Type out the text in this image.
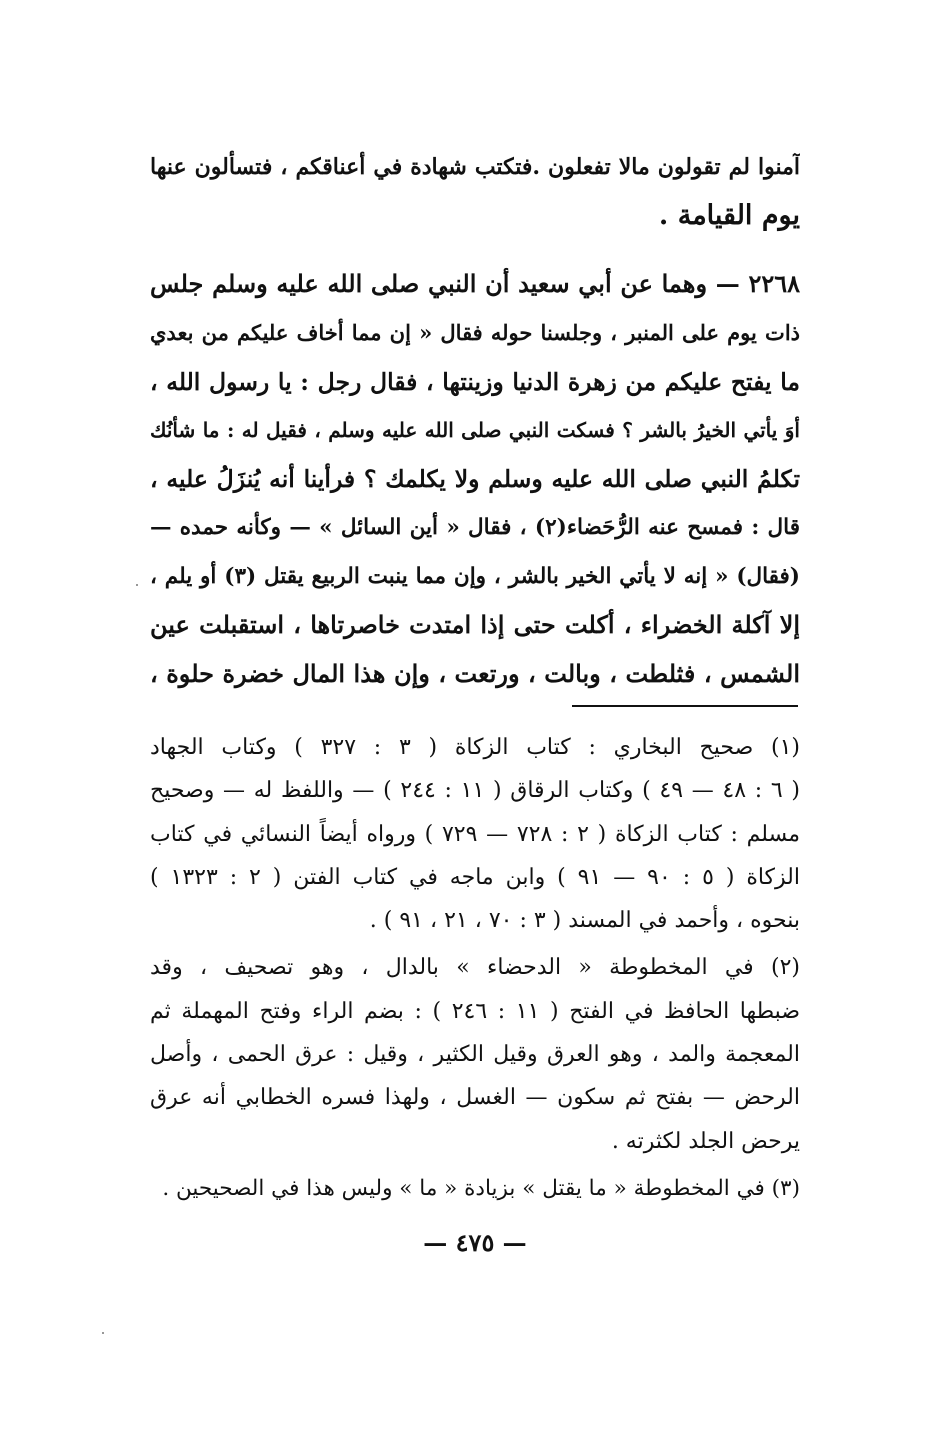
آمنوا لم تقولون مالا تفعلون .فتكتب شهادة في أعناقكم ، فتسألون عنها
يوم القيامة .
٢٢٦٨ — وهما عن أبي سعيد أن النبي صلى الله عليه وسلم جلس
ذات يوم على المنبر ، وجلسنا حوله فقال « إن مما أخاف عليكم من بعدي
ما يفتح عليكم من زهرة الدنيا وزينتها ، فقال رجل : يا رسول الله ،
أوَ يأتي الخيرُ بالشر ؟ فسكت النبي صلى الله عليه وسلم ، فقيل له : ما شأنُك
تكلمُ النبي صلى الله عليه وسلم ولا يكلمك ؟ فرأينا أنه يُنزَلُ عليه ،
قال : فمسح عنه الرُّحَضاء(٢) ، فقال « أين السائل » — وكأنه حمده —
(فقال) « إنه لا يأتي الخير بالشر ، وإن مما ينبت الربيع يقتل (٣) أو يلم ،
إلا آكلة الخضراء ، أكلت حتى إذا امتدت خاصرتاها ، استقبلت عين
الشمس ، فثلطت ، وبالت ، ورتعت ، وإن هذا المال خضرة حلوة ،
(١) صحيح البخاري : كتاب الزكاة ( ٣ : ٣٢٧ ) وكتاب الجهاد
( ٦ : ٤٨ — ٤٩ ) وكتاب الرقاق ( ١١ : ٢٤٤ ) — واللفظ له — وصحيح
مسلم : كتاب الزكاة ( ٢ : ٧٢٨ — ٧٢٩ ) ورواه أيضاً النسائي في كتاب
الزكاة ( ٥ : ٩٠ — ٩١ ) وابن ماجه في كتاب الفتن ( ٢ : ١٣٢٣ )
بنحوه ، وأحمد في المسند ( ٣ : ٧٠ ، ٢١ ، ٩١ ) .
(٢) في المخطوطة « الدحضاء » بالدال ، وهو تصحيف ، وقد
ضبطها الحافظ في الفتح ( ١١ : ٢٤٦ ) : بضم الراء وفتح المهملة ثم
المعجمة والمد ، وهو العرق وقيل الكثير ، وقيل : عرق الحمى ، وأصل
الرحض — بفتح ثم سكون — الغسل ، ولهذا فسره الخطابي أنه عرق
يرحض الجلد لكثرته .
(٣) في المخطوطة « ما يقتل » بزيادة « ما » وليس هذا في الصحيحين .
— ٤٧٥ —
